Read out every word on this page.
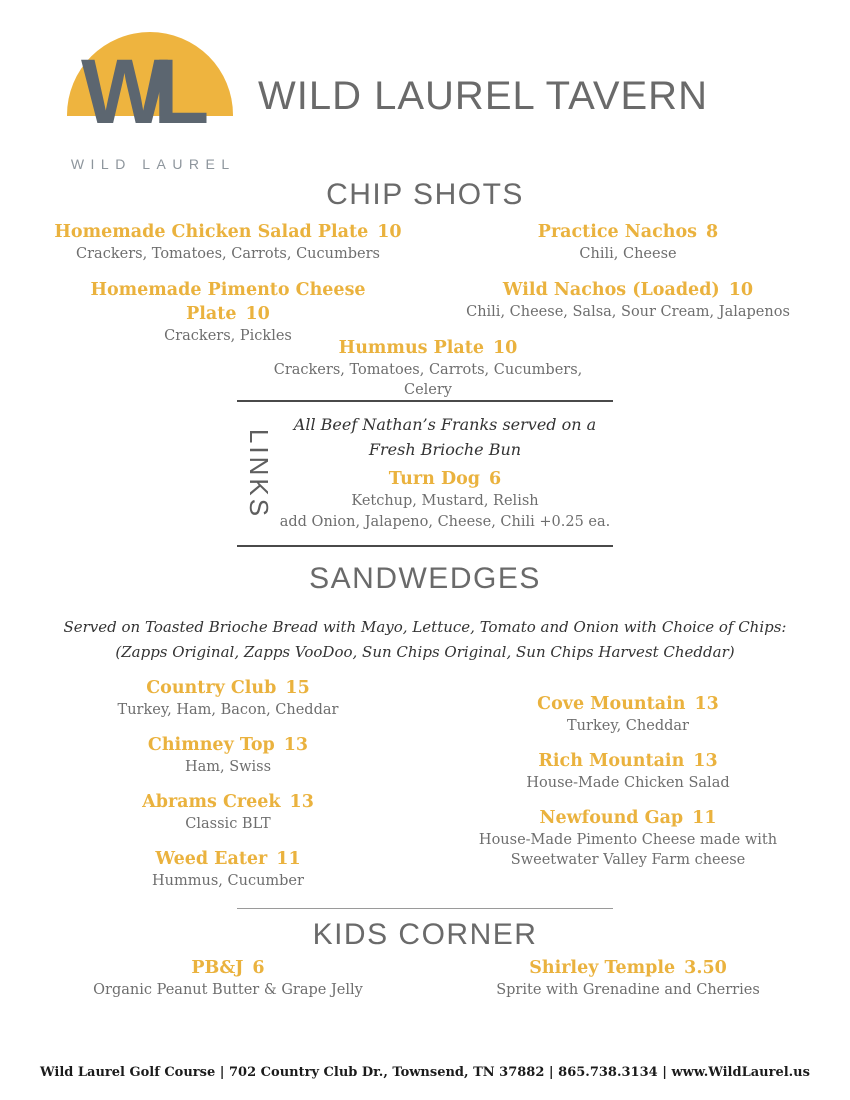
WL
WILD LAUREL
WILD LAUREL TAVERN
CHIP SHOTS
Homemade Chicken Salad Plate 10
Crackers, Tomatoes, Carrots, Cucumbers
Homemade Pimento Cheese Plate 10
Crackers, Pickles
Practice Nachos 8
Chili, Cheese
Wild Nachos (Loaded) 10
Chili, Cheese, Salsa, Sour Cream, Jalapenos
Hummus Plate 10
Crackers, Tomatoes, Carrots, Cucumbers, Celery
LINKS
All Beef Nathan’s Franks served on a
Fresh Brioche Bun
Turn Dog 6
Ketchup, Mustard, Relish
add Onion, Jalapeno, Cheese, Chili +0.25 ea.
SANDWEDGES
Served on Toasted Brioche Bread with Mayo, Lettuce, Tomato and Onion with Choice of Chips:
(Zapps Original, Zapps VooDoo, Sun Chips Original, Sun Chips Harvest Cheddar)
Country Club 15
Turkey, Ham, Bacon, Cheddar
Chimney Top 13
Ham, Swiss
Abrams Creek 13
Classic BLT
Weed Eater 11
Hummus, Cucumber
Cove Mountain 13
Turkey, Cheddar
Rich Mountain 13
House-Made Chicken Salad
Newfound Gap 11
House-Made Pimento Cheese made with Sweetwater Valley Farm cheese
KIDS CORNER
PB&J 6
Organic Peanut Butter & Grape Jelly
Shirley Temple 3.50
Sprite with Grenadine and Cherries
Wild Laurel Golf Course | 702 Country Club Dr., Townsend, TN 37882 | 865.738.3134 | www.WildLaurel.us
